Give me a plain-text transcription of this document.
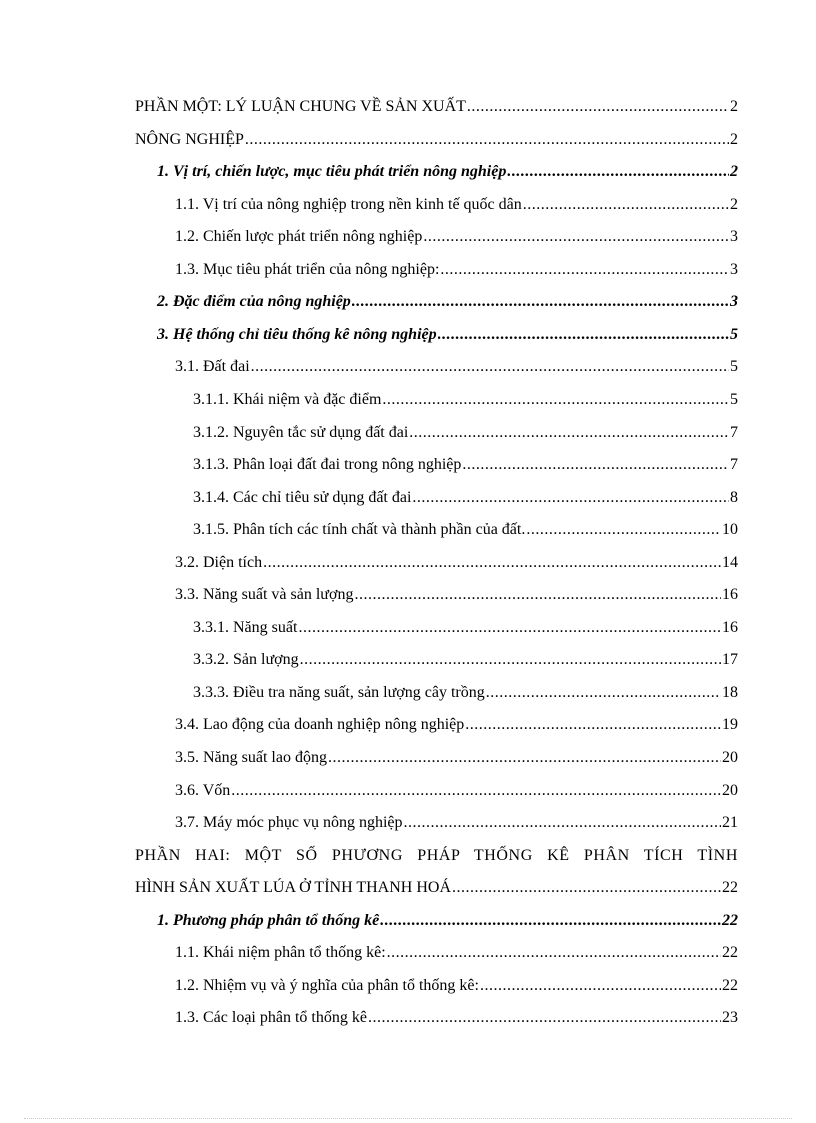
PHẦN MỘT: LÝ LUẬN CHUNG VỀ SẢN XUẤT .....	2
NÔNG NGHIỆP .....	2
1. Vị trí, chiến lược, mục tiêu phát triển nông nghiệp .....	2
1.1. Vị trí của nông nghiệp trong nền kinh tế quốc dân .....	2
1.2. Chiến lược phát triển nông nghiệp .....	3
1.3. Mục tiêu phát triển của nông nghiệp: .....	3
2. Đặc điểm của nông nghiệp .....	3
3. Hệ thống chỉ tiêu thống kê nông nghiệp .....	5
3.1. Đất đai .....	5
3.1.1. Khái niệm và đặc điểm .....	5
3.1.2. Nguyên tắc sử dụng đất đai .....	7
3.1.3. Phân loại đất đai trong nông nghiệp .....	7
3.1.4. Các chỉ tiêu sử dụng đất đai .....	8
3.1.5. Phân tích các tính chất và thành phần của đất. .....	10
3.2. Diện tích .....	14
3.3. Năng suất và sản lượng .....	16
3.3.1. Năng suất .....	16
3.3.2. Sản lượng .....	17
3.3.3. Điều tra năng suất, sản lượng cây trồng .....	18
3.4. Lao động của doanh nghiệp nông nghiệp .....	19
3.5. Năng suất lao động .....	20
3.6. Vốn .....	20
3.7. Máy móc phục vụ nông nghiệp .....	21
PHẦN HAI: MỘT SỐ PHƯƠNG PHÁP THỐNG KÊ PHÂN TÍCH TÌNH
HÌNH SẢN XUẤT LÚA Ở TỈNH THANH HOÁ .....	22
1. Phương pháp phân tổ thống kê .....	22
1.1. Khái niệm phân tổ thống kê: .....	22
1.2. Nhiệm vụ và ý nghĩa của phân tổ thống kê: .....	22
1.3. Các loại phân tổ thống kê .....	23
